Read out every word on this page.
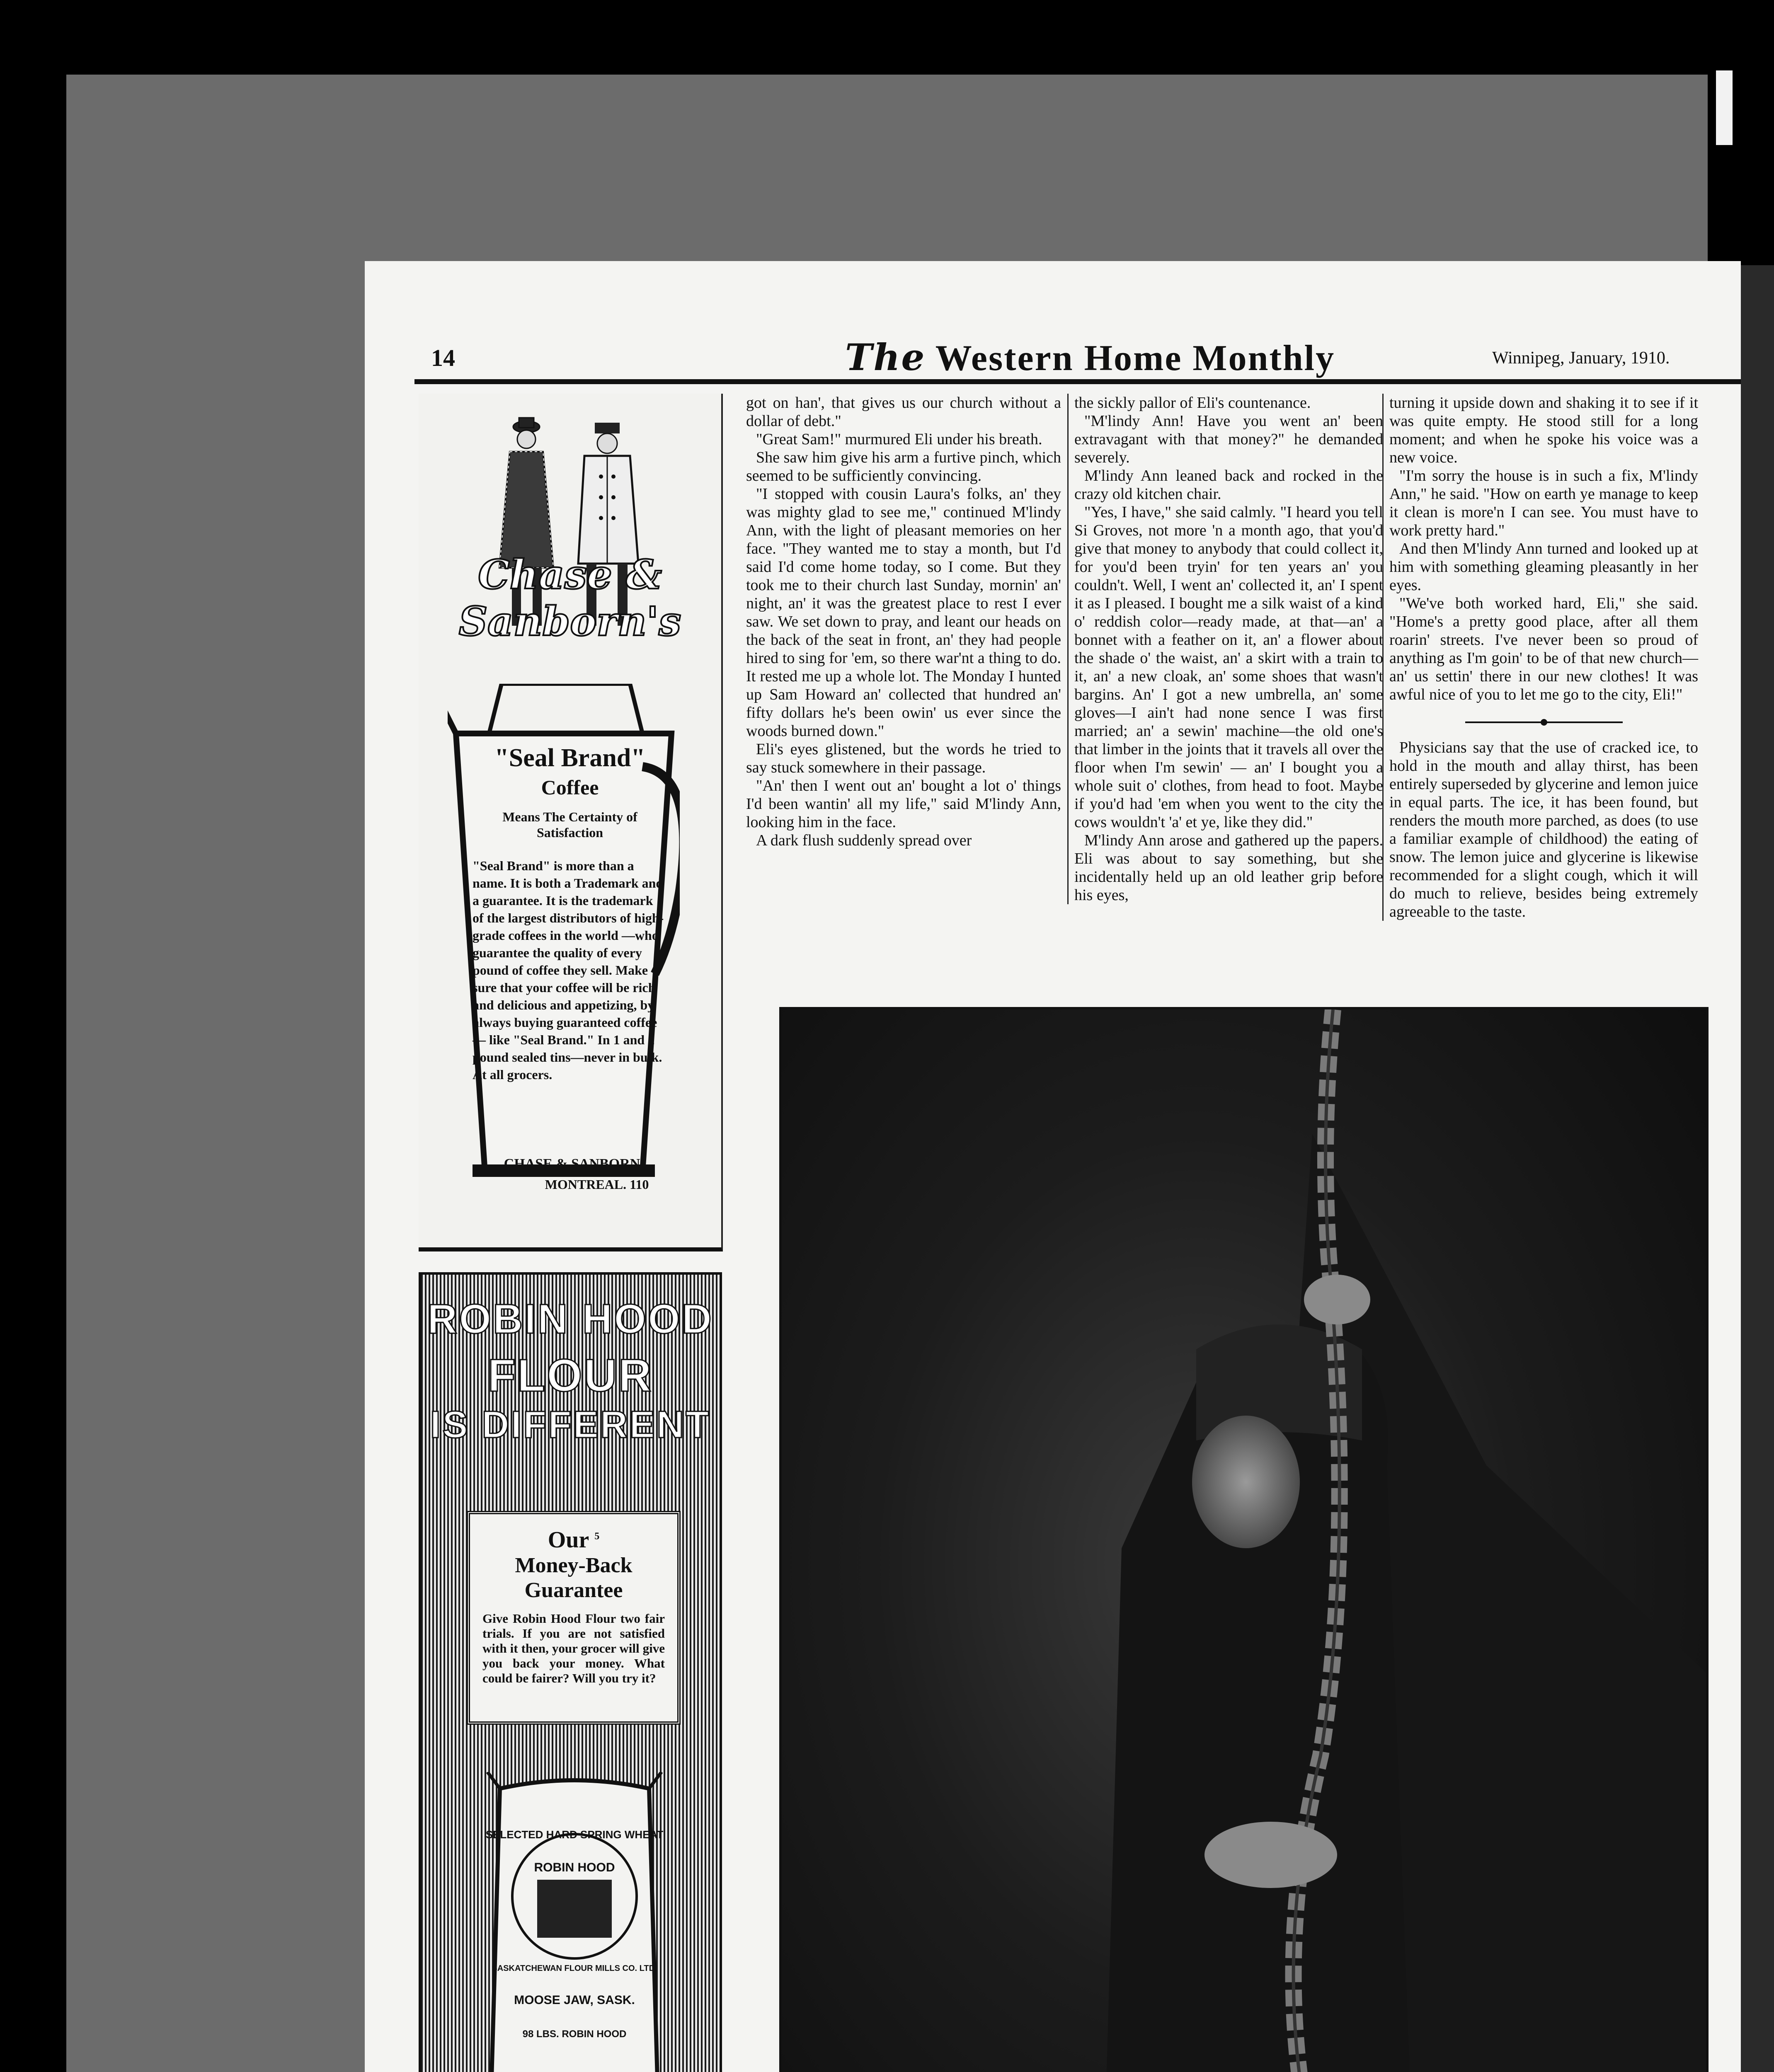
14	The Western Home Monthly	Winnipeg, January, 1910.
Chase & Sanborn's
"Seal Brand"
Coffee
Means The Certainty of Satisfaction
"Seal Brand" is more than a name. It is both a Trademark and a guarantee. It is the trademark of the largest distributors of high-grade coffees in the world —who guarantee the quality of every pound of coffee they sell. Make sure that your coffee will be rich and delicious and appetizing, by always buying guaranteed coffee — like "Seal Brand." In 1 and 2 pound sealed tins—never in bulk. At all grocers.
CHASE & SANBORN
MONTREAL. 110
ROBIN HOOD
FLOUR
IS DIFFERENT
Our $^5$
Money-Back Guarantee
Give Robin Hood Flour two fair trials. If you are not satisfied with it then, your grocer will give you back your money. What could be fairer? Will you try it?
SELECTED HARD SPRING WHEAT
ROBIN HOOD
SASKATCHEWAN FLOUR MILLS CO. LTD.
MOOSE JAW, SASK.
98 LBS. ROBIN HOOD

got on han', that gives us our church without a dollar of debt."

"Great Sam!" murmured Eli under his breath.

She saw him give his arm a furtive pinch, which seemed to be sufficiently convincing.

"I stopped with cousin Laura's folks, an' they was mighty glad to see me," continued M'lindy Ann, with the light of pleasant memories on her face. "They wanted me to stay a month, but I'd said I'd come home today, so I come. But they took me to their church last Sunday, mornin' an' night, an' it was the greatest place to rest I ever saw. We set down to pray, and leant our heads on the back of the seat in front, an' they had people hired to sing for 'em, so there war'nt a thing to do. It rested me up a whole lot. The Monday I hunted up Sam Howard an' collected that hundred an' fifty dollars he's been owin' us ever since the woods burned down."

Eli's eyes glistened, but the words he tried to say stuck somewhere in their passage.

"An' then I went out an' bought a lot o' things I'd been wantin' all my life," said M'lindy Ann, looking him in the face.

A dark flush suddenly spread over

the sickly pallor of Eli's countenance.

"M'lindy Ann! Have you went an' been extravagant with that money?" he demanded severely.

M'lindy Ann leaned back and rocked in the crazy old kitchen chair.

"Yes, I have," she said calmly. "I heard you tell Si Groves, not more 'n a month ago, that you'd give that money to anybody that could collect it, for you'd been tryin' for ten years an' you couldn't. Well, I went an' collected it, an' I spent it as I pleased. I bought me a silk waist of a kind o' reddish color—ready made, at that—an' a bonnet with a feather on it, an' a flower about the shade o' the waist, an' a skirt with a train to it, an' a new cloak, an' some shoes that wasn't bargins. An' I got a new umbrella, an' some gloves—I ain't had none sence I was first married; an' a sewin' machine—the old one's that limber in the joints that it travels all over the floor when I'm sewin' — an' I bought you a whole suit o' clothes, from head to foot. Maybe if you'd had 'em when you went to the city the cows wouldn't 'a' et ye, like they did."

M'lindy Ann arose and gathered up the papers. Eli was about to say something, but she incidentally held up an old leather grip before his eyes,

turning it upside down and shaking it to see if it was quite empty. He stood still for a long moment; and when he spoke his voice was a new voice.

"I'm sorry the house is in such a fix, M'lindy Ann," he said. "How on earth ye manage to keep it clean is more'n I can see. You must have to work pretty hard."

And then M'lindy Ann turned and looked up at him with something gleaming pleasantly in her eyes.

"We've both worked hard, Eli," she said. "Home's a pretty good place, after all them roarin' streets. I've never been so proud of anything as I'm goin' to be of that new church—an' us settin' there in our new clothes! It was awful nice of you to let me go to the city, Eli!"

Physicians say that the use of cracked ice, to hold in the mouth and allay thirst, has been entirely superseded by glycerine and lemon juice in equal parts. The ice, it has been found, but renders the mouth more parched, as does (to use a familiar example of childhood) the eating of snow. The lemon juice and glycerine is likewise recommended for a slight cough, which it will do much to relieve, besides being extremely agreeable to the taste.
